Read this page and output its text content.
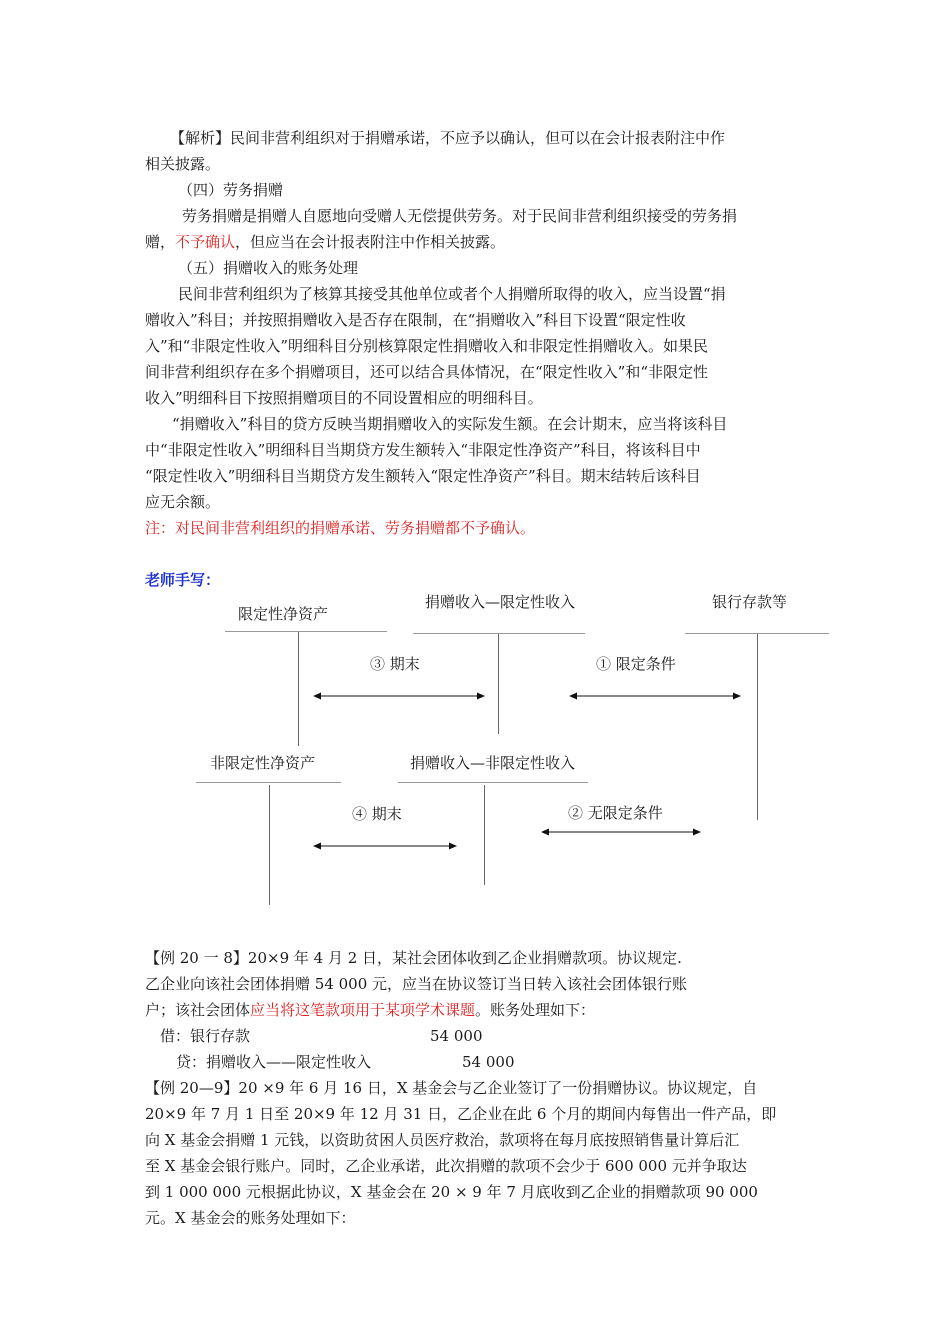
【解析】民间非营利组织对于捐赠承诺，不应予以确认，但可以在会计报表附注中作

相关披露。

（四）劳务捐赠

劳务捐赠是捐赠人自愿地向受赠人无偿提供劳务。对于民间非营利组织接受的劳务捐

赠，不予确认，但应当在会计报表附注中作相关披露。

（五）捐赠收入的账务处理

民间非营利组织为了核算其接受其他单位或者个人捐赠所取得的收入，应当设置“捐

赠收入”科目；并按照捐赠收入是否存在限制，在“捐赠收入”科目下设置“限定性收

入”和“非限定性收入”明细科目分别核算限定性捐赠收入和非限定性捐赠收入。如果民

间非营利组织存在多个捐赠项目，还可以结合具体情况，在“限定性收入”和“非限定性

收入”明细科目下按照捐赠项目的不同设置相应的明细科目。

“捐赠收入”科目的贷方反映当期捐赠收入的实际发生额。在会计期末，应当将该科目

中“非限定性收入”明细科目当期贷方发生额转入“非限定性净资产”科目，将该科目中

“限定性收入”明细科目当期贷方发生额转入“限定性净资产”科目。期末结转后该科目

应无余额。

注：对民间非营利组织的捐赠承诺、劳务捐赠都不予确认。

老师手写：

限定性净资产
捐赠收入—限定性收入	银行存款等
③ 期末	① 限定条件
非限定性净资产	捐赠收入—非限定性收入
④ 期末	② 无限定条件

【例 20 一 8】20×9 年 4 月 2 日，某社会团体收到乙企业捐赠款项。协议规定.

乙企业向该社会团体捐赠 54 000 元，应当在协议签订当日转入该社会团体银行账

户；该社会团体应当将这笔款项用于某项学术课题。账务处理如下：

借：银行存款	54 000

贷：捐赠收入——限定性收入	54 000

【例 20—9】20 ×9 年 6 月 16 日，X 基金会与乙企业签订了一份捐赠协议。协议规定，自

20×9 年 7 月 1 日至 20×9 年 12 月 31 日，乙企业在此 6 个月的期间内每售出一件产品，即

向 X 基金会捐赠 1 元钱，以资助贫困人员医疗救治，款项将在每月底按照销售量计算后汇

至 X 基金会银行账户。同时，乙企业承诺，此次捐赠的款项不会少于 600 000 元并争取达

到 1 000 000 元根据此协议，X 基金会在 20 × 9 年 7 月底收到乙企业的捐赠款项 90 000

元。X 基金会的账务处理如下：
